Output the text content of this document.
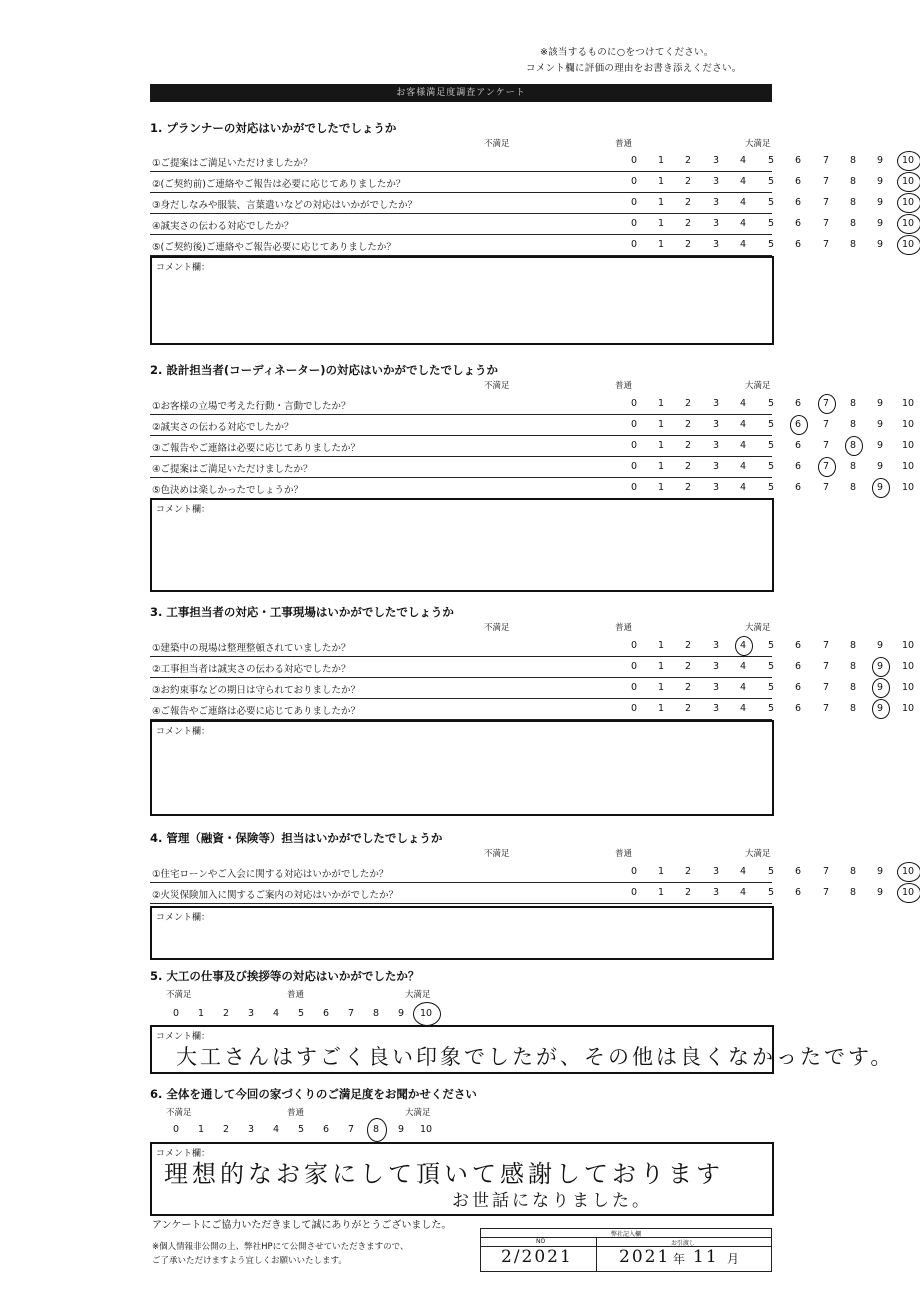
※該当するものに○をつけてください。
コメント欄に評価の理由をお書き添えください。
お客様満足度調査アンケート
1. プランナーの対応はいかがでしたでしょうか
不満足	普通	大満足
①ご提案はご満足いただけましたか？	0	1	2	3	4	5	6	7	8	9	10
②(ご契約前)ご連絡やご報告は必要に応じてありましたか？	0	1	2	3	4	5	6	7	8	9	10
③身だしなみや服装、言葉遣いなどの対応はいかがでしたか？	0	1	2	3	4	5	6	7	8	9	10
④誠実さの伝わる対応でしたか？	0	1	2	3	4	5	6	7	8	9	10
⑤(ご契約後)ご連絡やご報告必要に応じてありましたか？	0	1	2	3	4	5	6	7	8	9	10
コメント欄：
2. 設計担当者(コーディネーター)の対応はいかがでしたでしょうか
不満足	普通	大満足
①お客様の立場で考えた行動・言動でしたか？	0	1	2	3	4	5	6	7	8	9	10
②誠実さの伝わる対応でしたか？	0	1	2	3	4	5	6	7	8	9	10
③ご報告やご連絡は必要に応じてありましたか？	0	1	2	3	4	5	6	7	8	9	10
④ご提案はご満足いただけましたか？	0	1	2	3	4	5	6	7	8	9	10
⑤色決めは楽しかったでしょうか？	0	1	2	3	4	5	6	7	8	9	10
コメント欄：
3. 工事担当者の対応・工事現場はいかがでしたでしょうか
不満足	普通	大満足
①建築中の現場は整理整頓されていましたか？	0	1	2	3	4	5	6	7	8	9	10
②工事担当者は誠実さの伝わる対応でしたか？	0	1	2	3	4	5	6	7	8	9	10
③お約束事などの期日は守られておりましたか？	0	1	2	3	4	5	6	7	8	9	10
④ご報告やご連絡は必要に応じてありましたか？	0	1	2	3	4	5	6	7	8	9	10
コメント欄：
4. 管理（融資・保険等）担当はいかがでしたでしょうか
不満足	普通	大満足
①住宅ローンやご入会に関する対応はいかがでしたか？	0	1	2	3	4	5	6	7	8	9	10
②火災保険加入に関するご案内の対応はいかがでしたか？	0	1	2	3	4	5	6	7	8	9	10
コメント欄：
5. 大工の仕事及び挨拶等の対応はいかがでしたか？
不満足	普通	大満足
0	1	2	3	4	5	6	7	8	9	10
コメント欄：
大工さんはすごく良い印象でしたが、その他は良くなかったです。
6. 全体を通して今回の家づくりのご満足度をお聞かせください
不満足	普通	大満足
0	1	2	3	4	5	6	7	8	9	10
コメント欄：
理想的なお家にして頂いて感謝しております
お世話になりました。
アンケートにご協力いただきまして誠にありがとうございました。
※個人情報非公開の上、弊社HPにて公開させていただきますので、
ご了承いただけますよう宜しくお願いいたします。
弊社記入欄
NO	お引渡し
2/2021	2021 年 11 月
